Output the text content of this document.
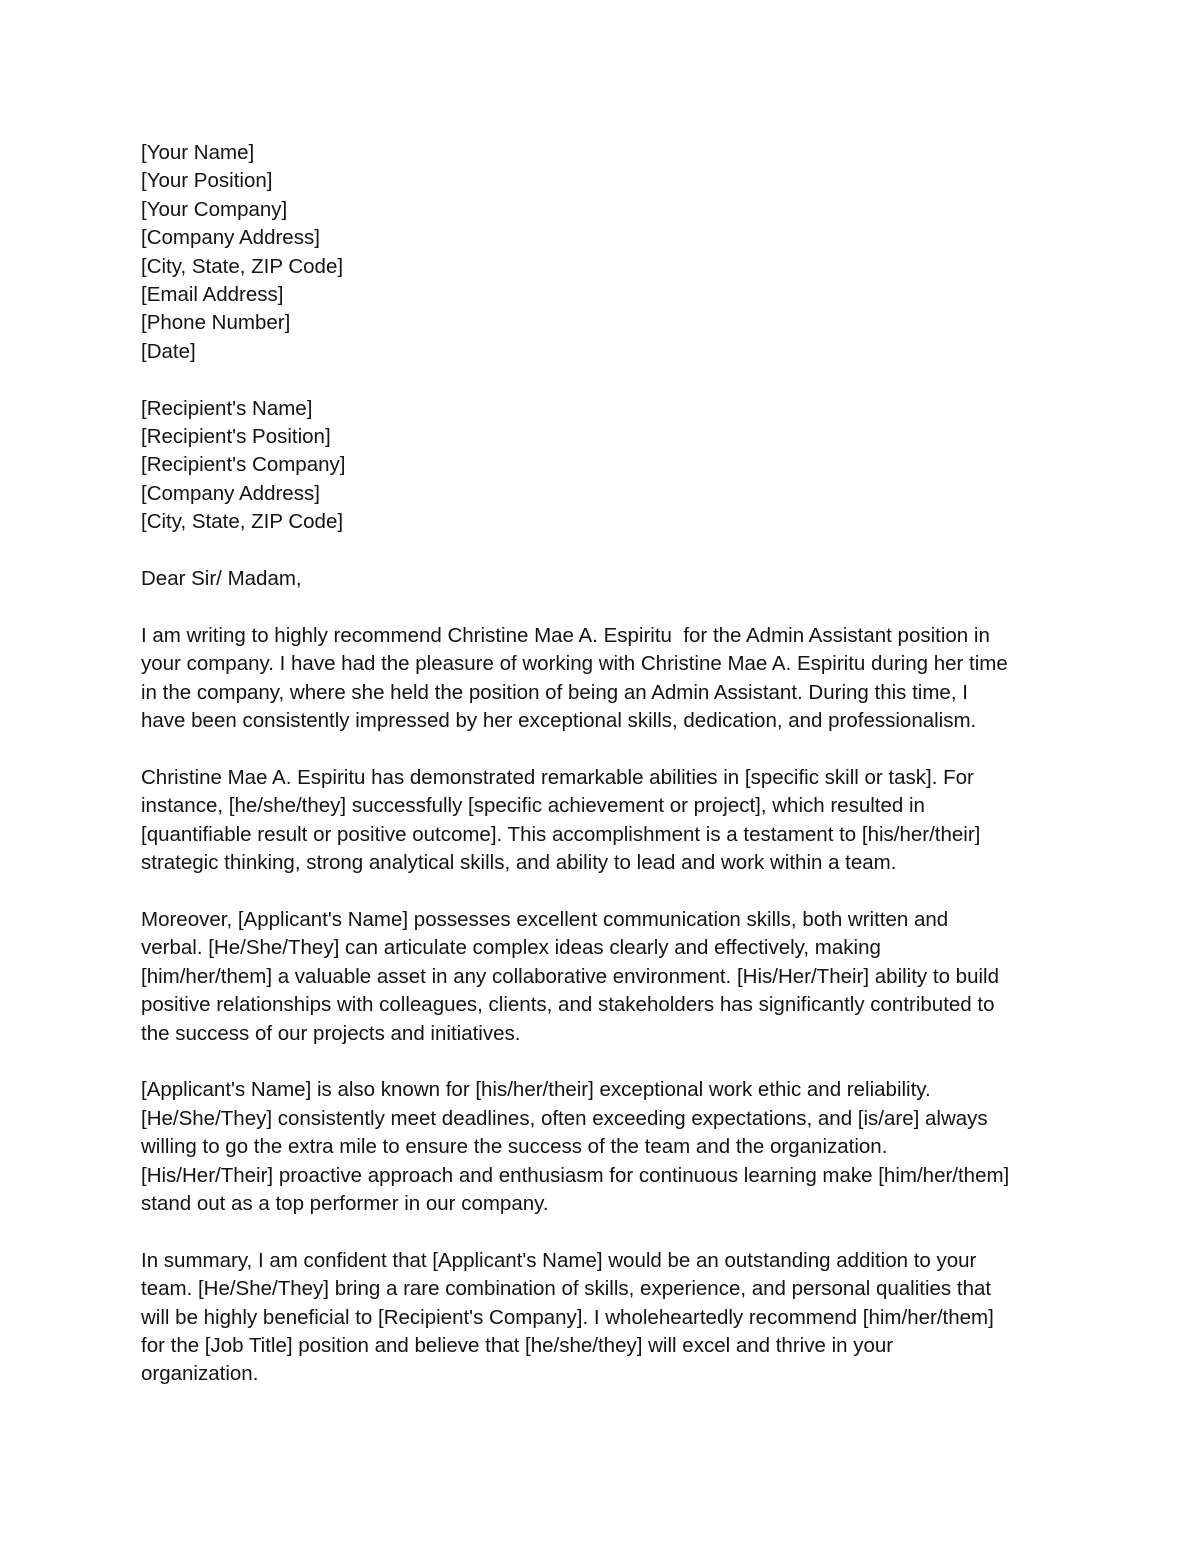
[Your Name]
[Your Position]
[Your Company]
[Company Address]
[City, State, ZIP Code]
[Email Address]
[Phone Number]
[Date]
[Recipient's Name]
[Recipient's Position]
[Recipient's Company]
[Company Address]
[City, State, ZIP Code]
Dear Sir/ Madam,
I am writing to highly recommend Christine Mae A. Espiritu  for the Admin Assistant position in
your company. I have had the pleasure of working with Christine Mae A. Espiritu during her time
in the company, where she held the position of being an Admin Assistant. During this time, I
have been consistently impressed by her exceptional skills, dedication, and professionalism.
Christine Mae A. Espiritu has demonstrated remarkable abilities in [specific skill or task]. For
instance, [he/she/they] successfully [specific achievement or project], which resulted in
[quantifiable result or positive outcome]. This accomplishment is a testament to [his/her/their]
strategic thinking, strong analytical skills, and ability to lead and work within a team.
Moreover, [Applicant's Name] possesses excellent communication skills, both written and
verbal. [He/She/They] can articulate complex ideas clearly and effectively, making
[him/her/them] a valuable asset in any collaborative environment. [His/Her/Their] ability to build
positive relationships with colleagues, clients, and stakeholders has significantly contributed to
the success of our projects and initiatives.
[Applicant's Name] is also known for [his/her/their] exceptional work ethic and reliability.
[He/She/They] consistently meet deadlines, often exceeding expectations, and [is/are] always
willing to go the extra mile to ensure the success of the team and the organization.
[His/Her/Their] proactive approach and enthusiasm for continuous learning make [him/her/them]
stand out as a top performer in our company.
In summary, I am confident that [Applicant's Name] would be an outstanding addition to your
team. [He/She/They] bring a rare combination of skills, experience, and personal qualities that
will be highly beneficial to [Recipient's Company]. I wholeheartedly recommend [him/her/them]
for the [Job Title] position and believe that [he/she/they] will excel and thrive in your
organization.
